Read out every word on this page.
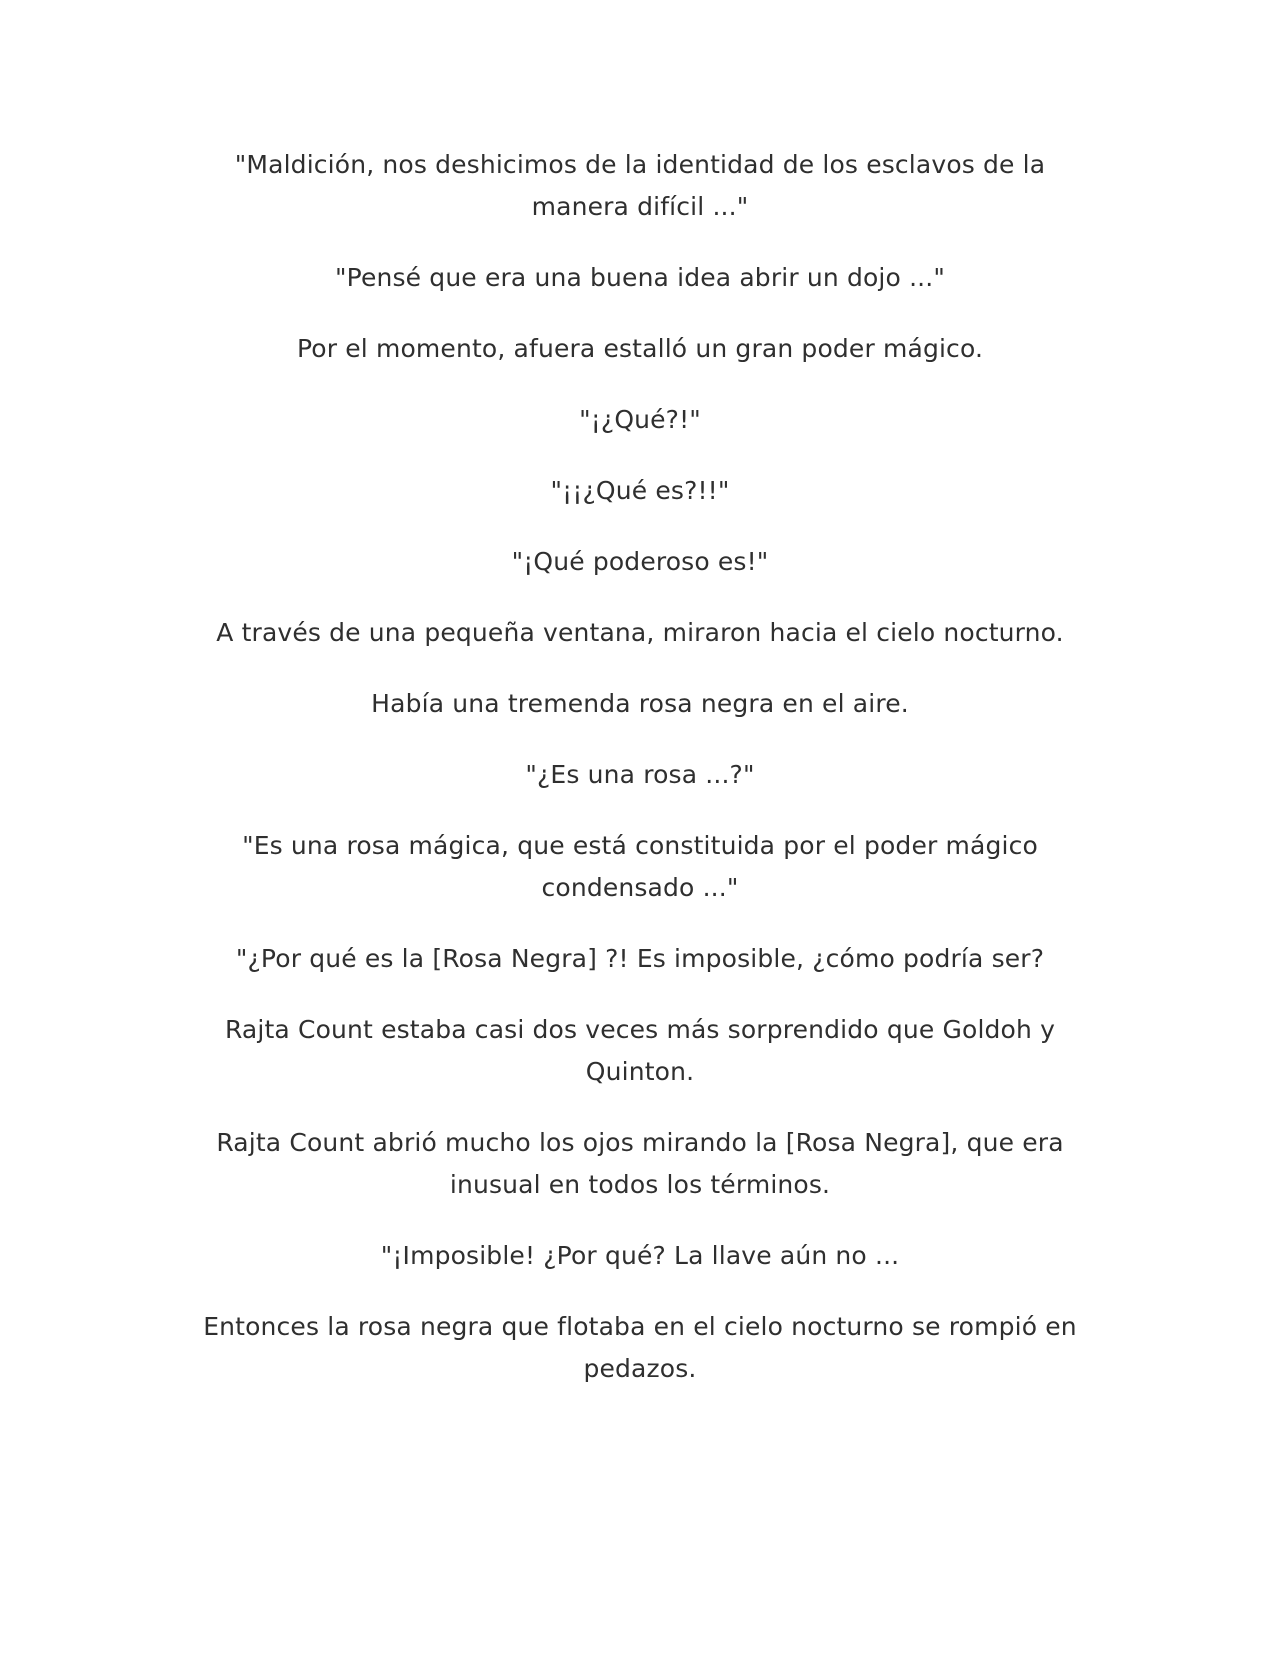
"Maldición, nos deshicimos de la identidad de los esclavos de la manera difícil ..."

"Pensé que era una buena idea abrir un dojo ..."

Por el momento, afuera estalló un gran poder mágico.

"¡¿Qué?!"

"¡¡¿Qué es?!!"

"¡Qué poderoso es!"

A través de una pequeña ventana, miraron hacia el cielo nocturno.

Había una tremenda rosa negra en el aire.

"¿Es una rosa ...?"

"Es una rosa mágica, que está constituida por el poder mágico condensado ..."

"¿Por qué es la [Rosa Negra] ?! Es imposible, ¿cómo podría ser?

Rajta Count estaba casi dos veces más sorprendido que Goldoh y Quinton.

Rajta Count abrió mucho los ojos mirando la [Rosa Negra], que era inusual en todos los términos.

"¡Imposible! ¿Por qué? La llave aún no ...

Entonces la rosa negra que flotaba en el cielo nocturno se rompió en pedazos.
